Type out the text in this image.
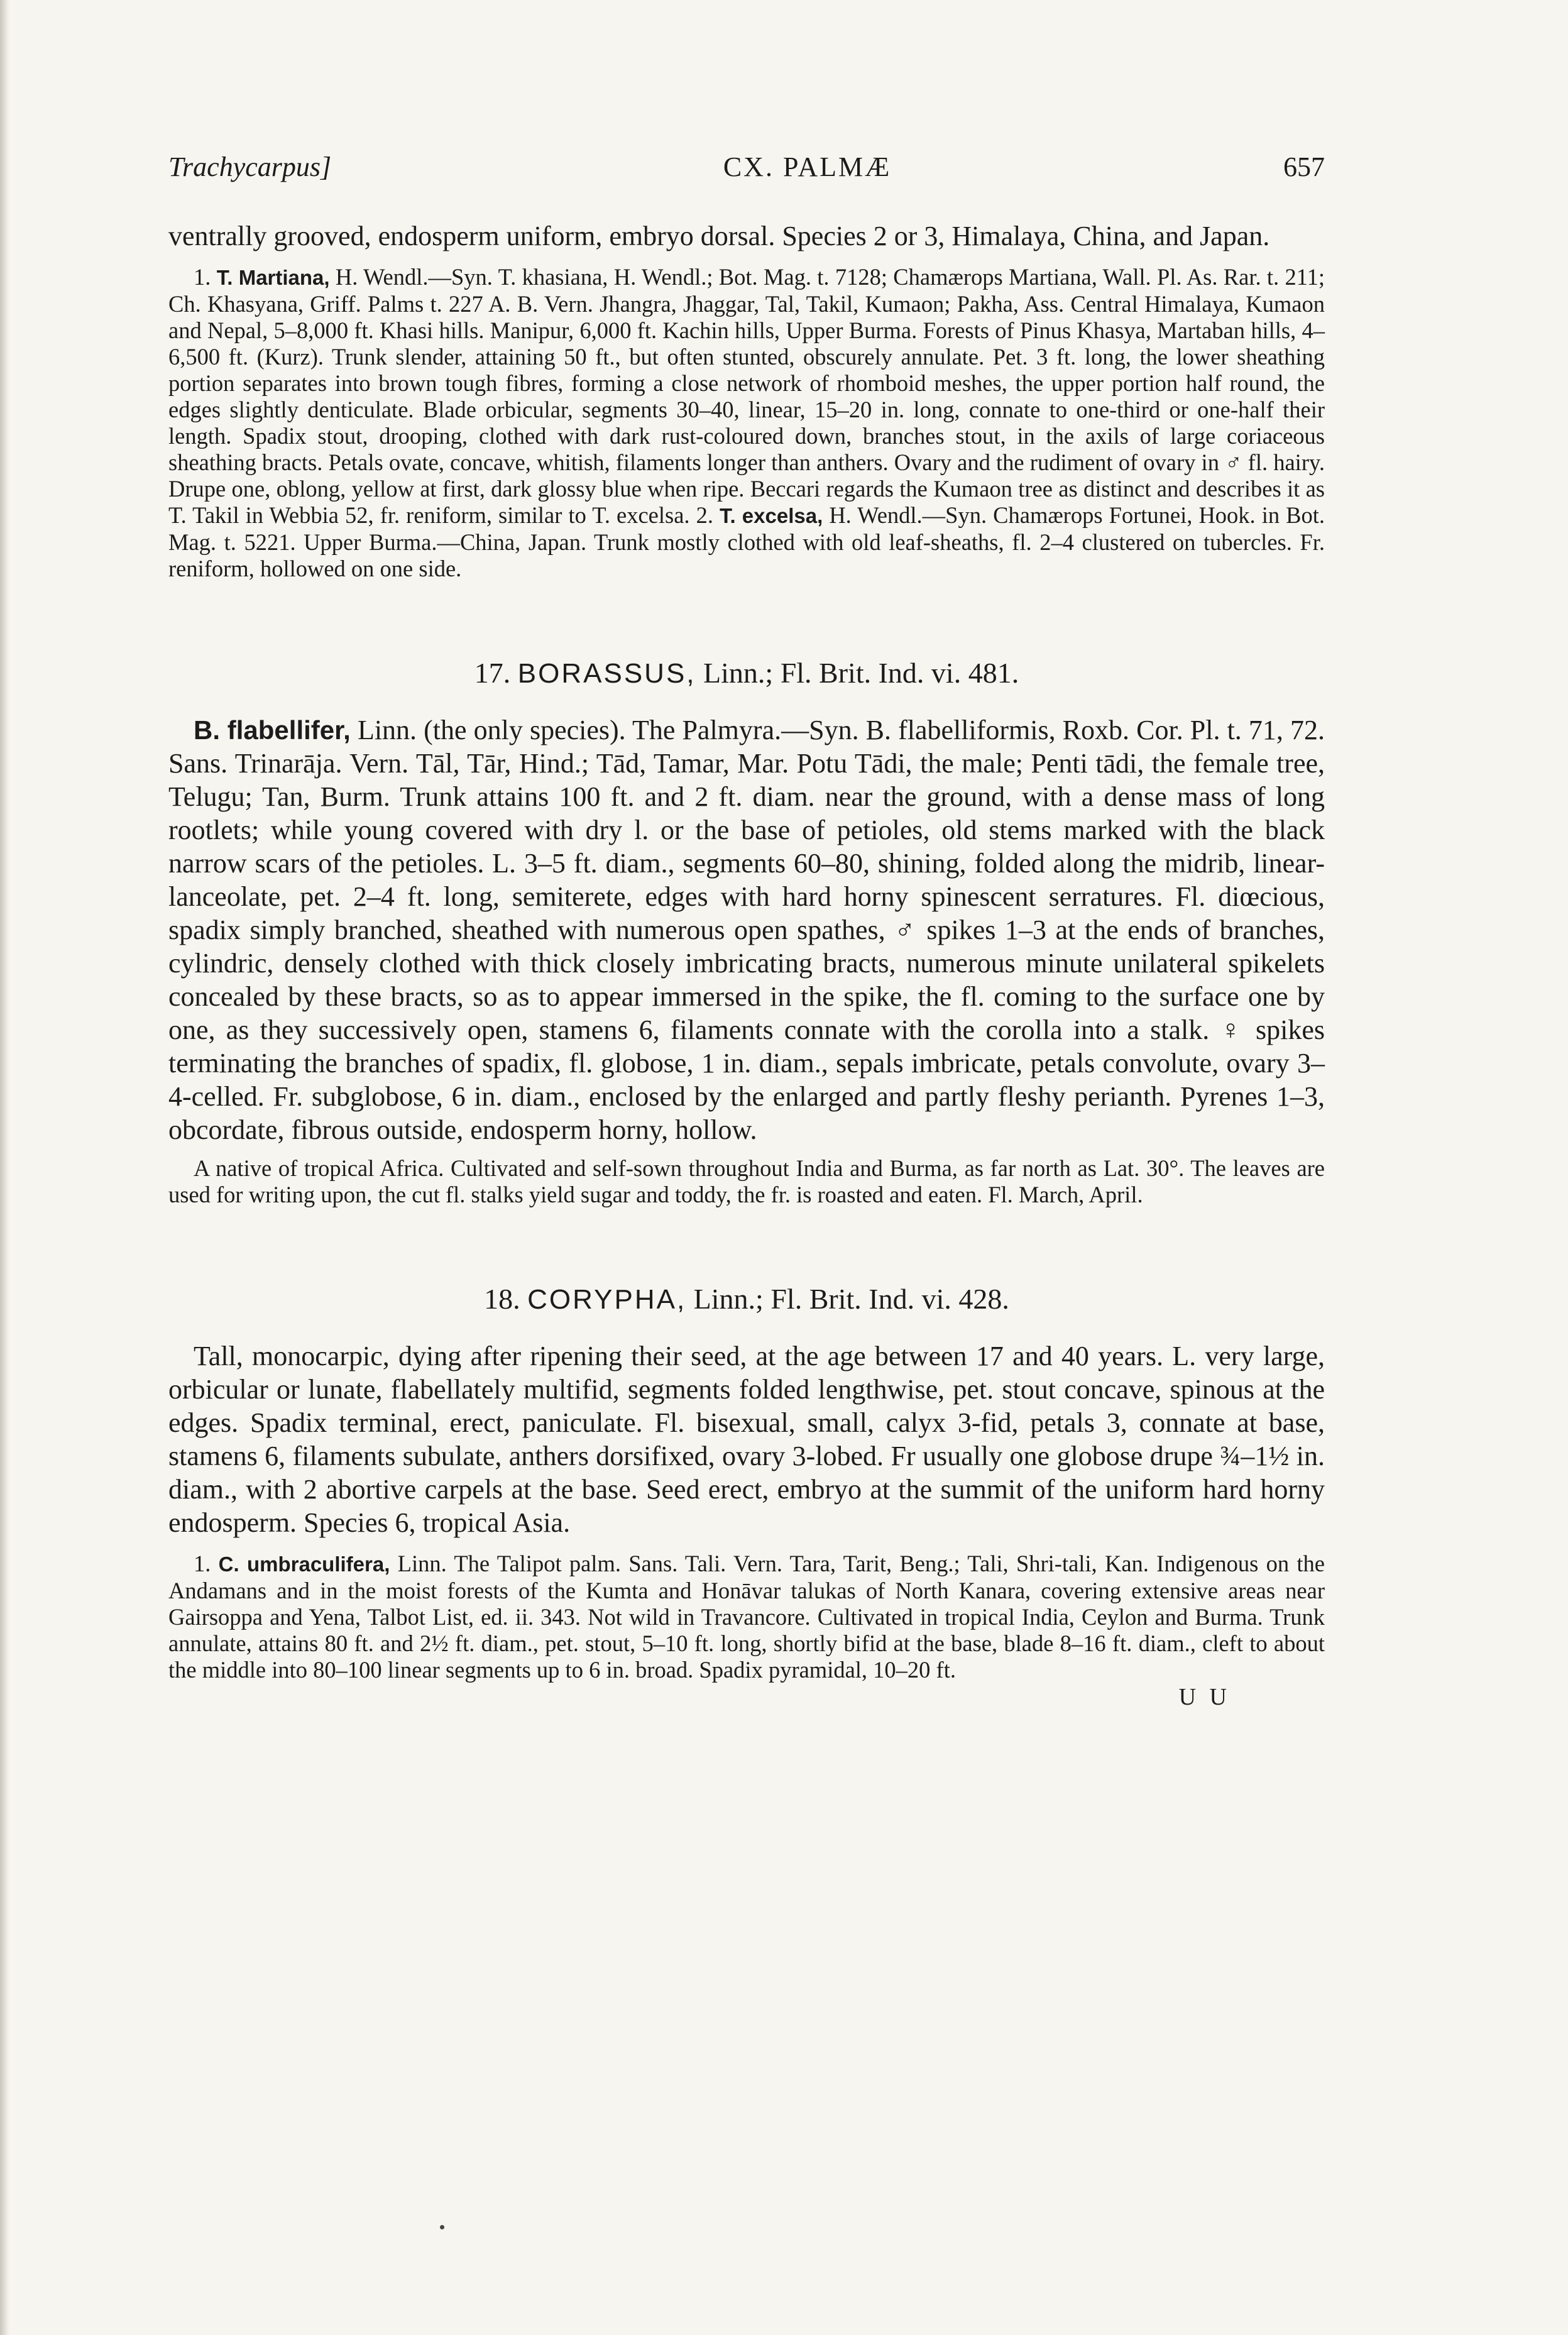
Trachycarpus]	CX. PALMÆ	657

ventrally grooved, endosperm uniform, embryo dorsal. Species 2 or 3, Himalaya, China, and Japan.

1. T. Martiana, H. Wendl.—Syn. T. khasiana, H. Wendl.; Bot. Mag. t. 7128; Chamærops Martiana, Wall. Pl. As. Rar. t. 211; Ch. Khasyana, Griff. Palms t. 227 A. B. Vern. Jhangra, Jhaggar, Tal, Takil, Kumaon; Pakha, Ass. Central Himalaya, Kumaon and Nepal, 5–8,000 ft. Khasi hills. Manipur, 6,000 ft. Kachin hills, Upper Burma. Forests of Pinus Khasya, Martaban hills, 4–6,500 ft. (Kurz). Trunk slender, attaining 50 ft., but often stunted, obscurely annulate. Pet. 3 ft. long, the lower sheathing portion separates into brown tough fibres, forming a close network of rhomboid meshes, the upper portion half round, the edges slightly denticulate. Blade orbicular, segments 30–40, linear, 15–20 in. long, connate to one-third or one-half their length. Spadix stout, drooping, clothed with dark rust-coloured down, branches stout, in the axils of large coriaceous sheathing bracts. Petals ovate, concave, whitish, filaments longer than anthers. Ovary and the rudiment of ovary in ♂ fl. hairy. Drupe one, oblong, yellow at first, dark glossy blue when ripe. Beccari regards the Kumaon tree as distinct and describes it as T. Takil in Webbia 52, fr. reniform, similar to T. excelsa. 2. T. excelsa, H. Wendl.—Syn. Chamærops Fortunei, Hook. in Bot. Mag. t. 5221. Upper Burma.—China, Japan. Trunk mostly clothed with old leaf-sheaths, fl. 2–4 clustered on tubercles. Fr. reniform, hollowed on one side.

17. BORASSUS, Linn.; Fl. Brit. Ind. vi. 481.

B. flabellifer, Linn. (the only species). The Palmyra.—Syn. B. flabelliformis, Roxb. Cor. Pl. t. 71, 72. Sans. Trinarāja. Vern. Tāl, Tār, Hind.; Tād, Tamar, Mar. Potu Tādi, the male; Penti tādi, the female tree, Telugu; Tan, Burm. Trunk attains 100 ft. and 2 ft. diam. near the ground, with a dense mass of long rootlets; while young covered with dry l. or the base of petioles, old stems marked with the black narrow scars of the petioles. L. 3–5 ft. diam., segments 60–80, shining, folded along the midrib, linear-lanceolate, pet. 2–4 ft. long, semiterete, edges with hard horny spinescent serratures. Fl. diœcious, spadix simply branched, sheathed with numerous open spathes, ♂ spikes 1–3 at the ends of branches, cylindric, densely clothed with thick closely imbricating bracts, numerous minute unilateral spikelets concealed by these bracts, so as to appear immersed in the spike, the fl. coming to the surface one by one, as they successively open, stamens 6, filaments connate with the corolla into a stalk. ♀ spikes terminating the branches of spadix, fl. globose, 1 in. diam., sepals imbricate, petals convolute, ovary 3–4-celled. Fr. subglobose, 6 in. diam., enclosed by the enlarged and partly fleshy perianth. Pyrenes 1–3, obcordate, fibrous outside, endosperm horny, hollow.

A native of tropical Africa. Cultivated and self-sown throughout India and Burma, as far north as Lat. 30°. The leaves are used for writing upon, the cut fl. stalks yield sugar and toddy, the fr. is roasted and eaten. Fl. March, April.

18. CORYPHA, Linn.; Fl. Brit. Ind. vi. 428.

Tall, monocarpic, dying after ripening their seed, at the age between 17 and 40 years. L. very large, orbicular or lunate, flabellately multifid, segments folded lengthwise, pet. stout concave, spinous at the edges. Spadix terminal, erect, paniculate. Fl. bisexual, small, calyx 3-fid, petals 3, connate at base, stamens 6, filaments subulate, anthers dorsifixed, ovary 3-lobed. Fr usually one globose drupe ¾–1½ in. diam., with 2 abortive carpels at the base. Seed erect, embryo at the summit of the uniform hard horny endosperm. Species 6, tropical Asia.

1. C. umbraculifera, Linn. The Talipot palm. Sans. Tali. Vern. Tara, Tarit, Beng.; Tali, Shri-tali, Kan. Indigenous on the Andamans and in the moist forests of the Kumta and Honāvar talukas of North Kanara, covering extensive areas near Gairsoppa and Yena, Talbot List, ed. ii. 343. Not wild in Travancore. Cultivated in tropical India, Ceylon and Burma. Trunk annulate, attains 80 ft. and 2½ ft. diam., pet. stout, 5–10 ft. long, shortly bifid at the base, blade 8–16 ft. diam., cleft to about the middle into 80–100 linear segments up to 6 in. broad. Spadix pyramidal, 10–20 ft.

U U
